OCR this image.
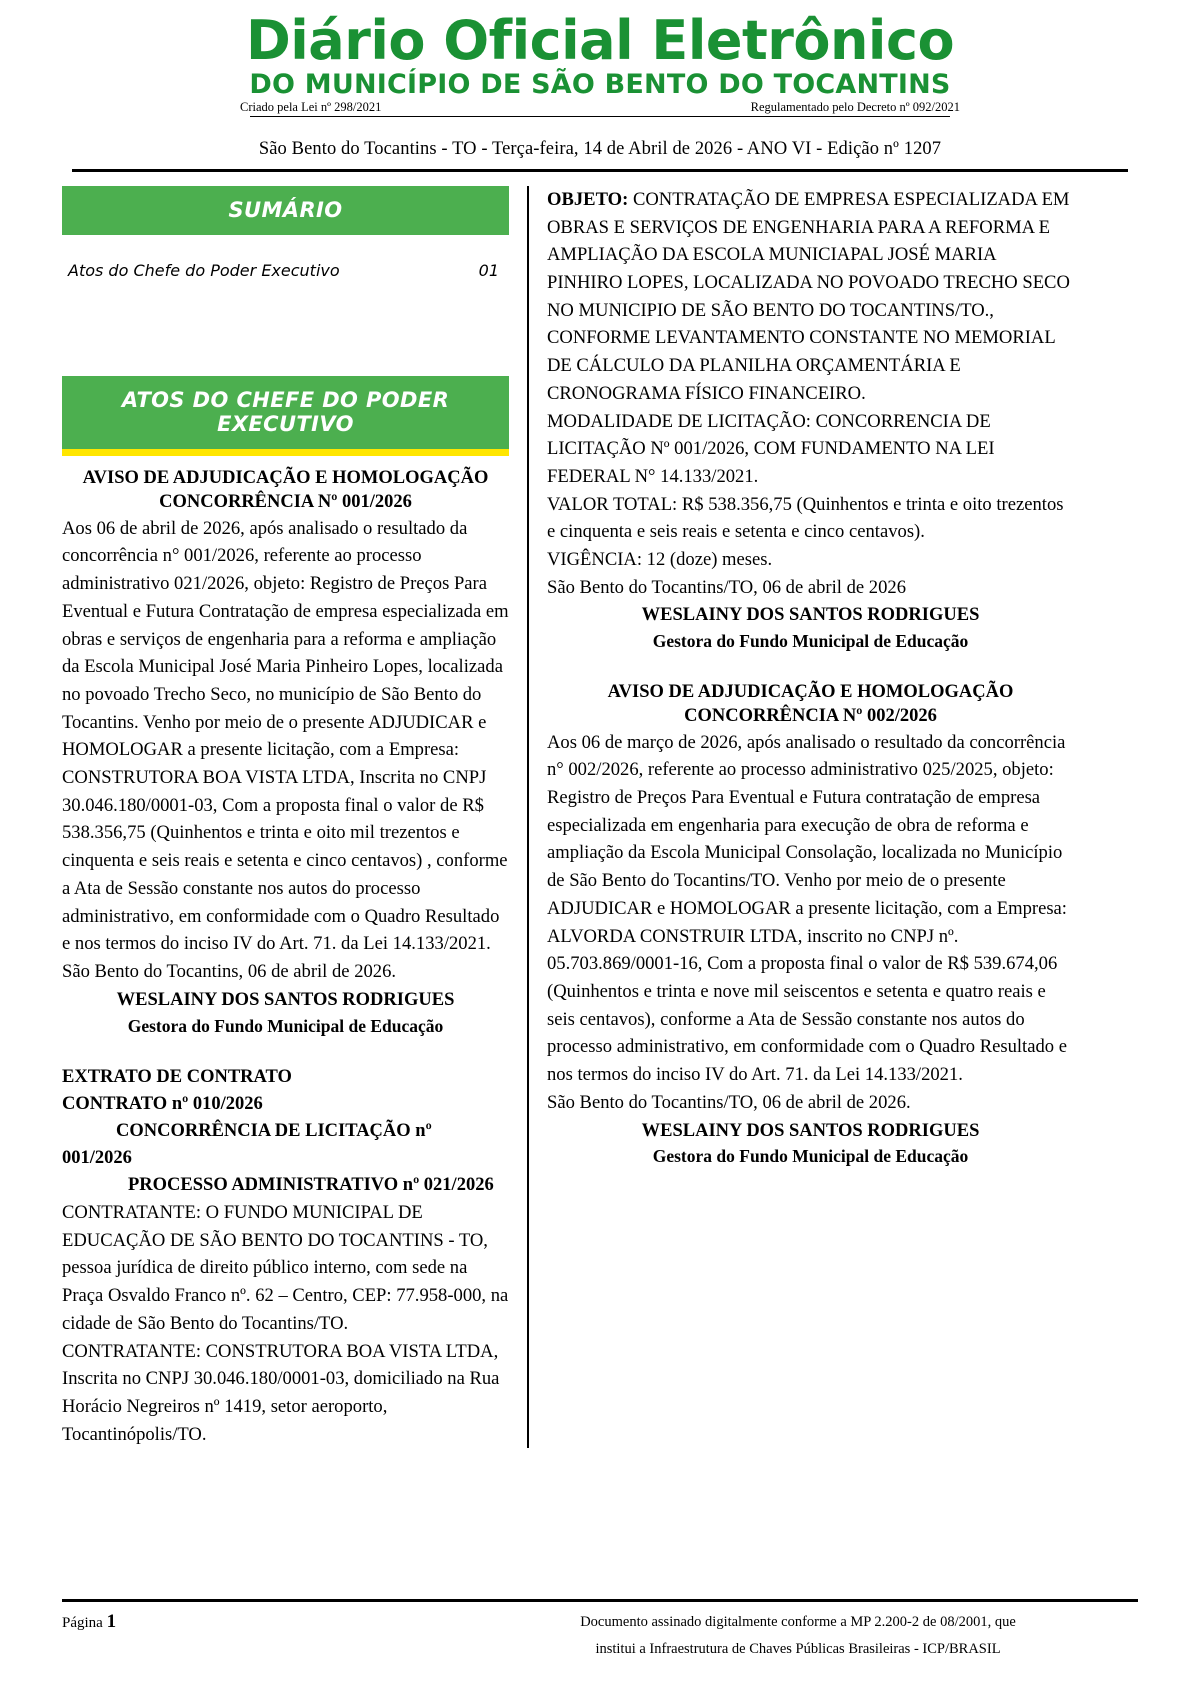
Diário Oficial Eletrônico
DO MUNICÍPIO DE SÃO BENTO DO TOCANTINS
Criado pela Lei nº 298/2021	Regulamentado pelo Decreto nº 092/2021
São Bento do Tocantins - TO - Terça-feira, 14 de Abril de 2026 - ANO VI - Edição nº 1207
SUMÁRIO
Atos do Chefe do Poder Executivo	01
ATOS DO CHEFE DO PODER EXECUTIVO
AVISO DE ADJUDICAÇÃO E HOMOLOGAÇÃO
CONCORRÊNCIA Nº 001/2026

Aos 06 de abril de 2026, após analisado o resultado da concorrência n° 001/2026, referente ao processo administrativo 021/2026, objeto: Registro de Preços Para Eventual e Futura Contratação de empresa especializada em obras e serviços de engenharia para a reforma e ampliação da Escola Municipal José Maria Pinheiro Lopes, localizada no povoado Trecho Seco, no município de São Bento do Tocantins. Venho por meio de o presente ADJUDICAR e HOMOLOGAR a presente licitação, com a Empresa: CONSTRUTORA BOA VISTA LTDA, Inscrita no CNPJ 30.046.180/0001-03, Com a proposta final o valor de R$ 538.356,75 (Quinhentos e trinta e oito mil trezentos e cinquenta e seis reais e setenta e cinco centavos) , conforme a Ata de Sessão constante nos autos do processo administrativo, em conformidade com o Quadro Resultado e nos termos do inciso IV do Art. 71. da Lei 14.133/2021.

São Bento do Tocantins, 06 de abril de 2026.

WESLAINY DOS SANTOS RODRIGUES
Gestora do Fundo Municipal de Educação
EXTRATO DE CONTRATO
CONTRATO nº 010/2026
CONCORRÊNCIA DE LICITAÇÃO nº
001/2026
PROCESSO ADMINISTRATIVO nº 021/2026

CONTRATANTE: O FUNDO MUNICIPAL DE EDUCAÇÃO DE SÃO BENTO DO TOCANTINS - TO, pessoa jurídica de direito público interno, com sede na Praça Osvaldo Franco nº. 62 – Centro, CEP: 77.958-000, na cidade de São Bento do Tocantins/TO.

CONTRATANTE: CONSTRUTORA BOA VISTA LTDA, Inscrita no CNPJ 30.046.180/0001-03, domiciliado na Rua Horácio Negreiros nº 1419, setor aeroporto, Tocantinópolis/TO.

OBJETO: CONTRATAÇÃO DE EMPRESA ESPECIALIZADA EM OBRAS E SERVIÇOS DE ENGENHARIA PARA A REFORMA E AMPLIAÇÃO DA ESCOLA MUNICIAPAL JOSÉ MARIA PINHIRO LOPES, LOCALIZADA NO POVOADO TRECHO SECO NO MUNICIPIO DE SÃO BENTO DO TOCANTINS/TO., CONFORME LEVANTAMENTO CONSTANTE NO MEMORIAL DE CÁLCULO DA PLANILHA ORÇAMENTÁRIA E CRONOGRAMA FÍSICO FINANCEIRO.

MODALIDADE DE LICITAÇÃO: CONCORRENCIA DE LICITAÇÃO Nº 001/2026, COM FUNDAMENTO NA LEI FEDERAL N° 14.133/2021.

VALOR TOTAL: R$ 538.356,75 (Quinhentos e trinta e oito trezentos e cinquenta e seis reais e setenta e cinco centavos).

VIGÊNCIA: 12 (doze) meses.

São Bento do Tocantins/TO, 06 de abril de 2026

WESLAINY DOS SANTOS RODRIGUES
Gestora do Fundo Municipal de Educação
AVISO DE ADJUDICAÇÃO E HOMOLOGAÇÃO
CONCORRÊNCIA Nº 002/2026

Aos 06 de março de 2026, após analisado o resultado da concorrência n° 002/2026, referente ao processo administrativo 025/2025, objeto: Registro de Preços Para Eventual e Futura contratação de empresa especializada em engenharia para execução de obra de reforma e ampliação da Escola Municipal Consolação, localizada no Município de São Bento do Tocantins/TO. Venho por meio de o presente ADJUDICAR e HOMOLOGAR a presente licitação, com a Empresa: ALVORDA CONSTRUIR LTDA, inscrito no CNPJ nº. 05.703.869/0001-16, Com a proposta final o valor de R$ 539.674,06 (Quinhentos e trinta e nove mil seiscentos e setenta e quatro reais e seis centavos), conforme a Ata de Sessão constante nos autos do processo administrativo, em conformidade com o Quadro Resultado e nos termos do inciso IV do Art. 71. da Lei 14.133/2021.

São Bento do Tocantins/TO, 06 de abril de 2026.

WESLAINY DOS SANTOS RODRIGUES
Gestora do Fundo Municipal de Educação
Página 1	Documento assinado digitalmente conforme a MP 2.200-2 de 08/2001, que
institui a Infraestrutura de Chaves Públicas Brasileiras - ICP/BRASIL
